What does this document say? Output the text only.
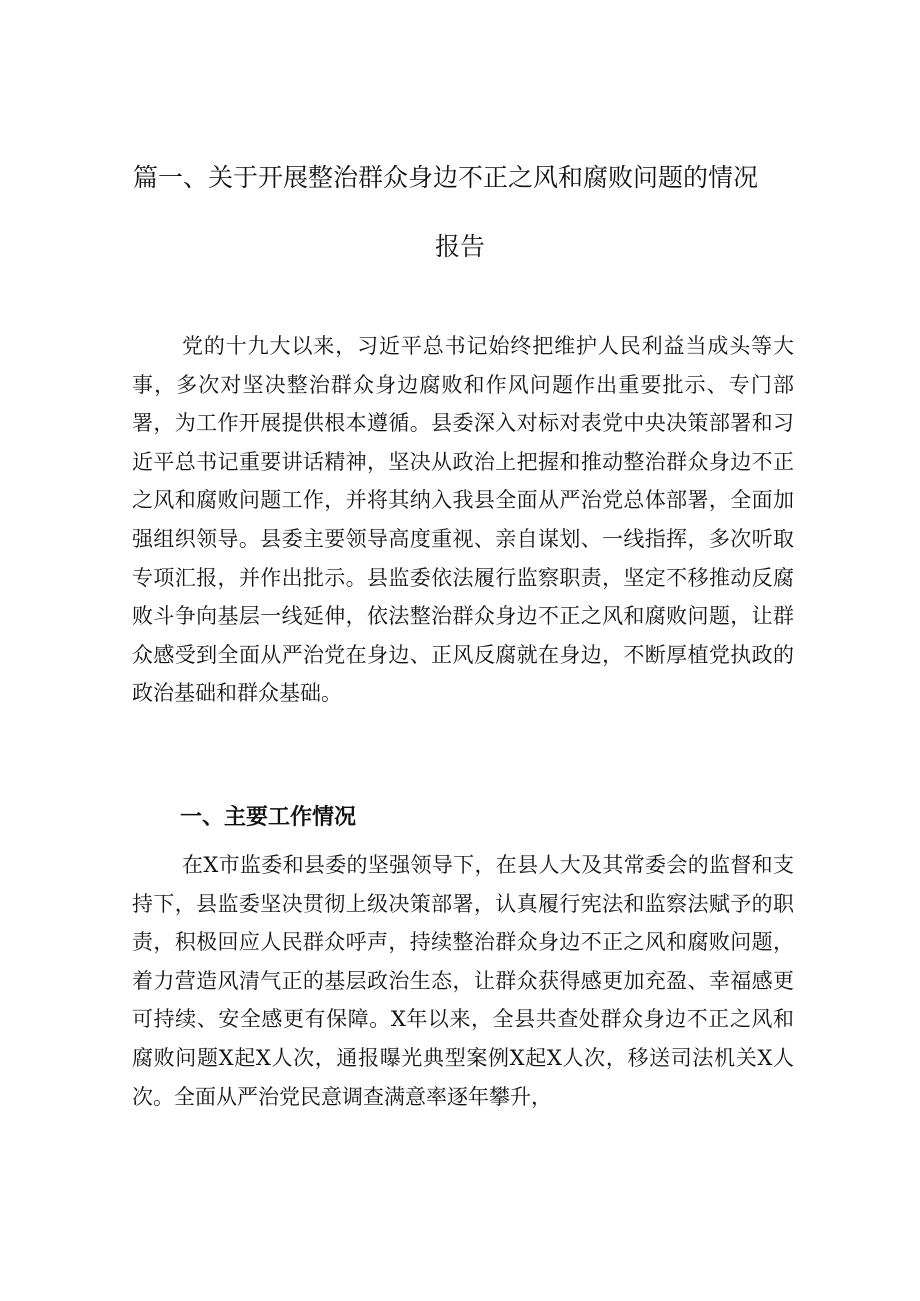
篇一、关于开展整治群众身边不正之风和腐败问题的情况
报告

党的十九大以来，习近平总书记始终把维护人民利益当成头等大事，多次对坚决整治群众身边腐败和作风问题作出重要批示、专门部署，为工作开展提供根本遵循。县委深入对标对表党中央决策部署和习近平总书记重要讲话精神，坚决从政治上把握和推动整治群众身边不正之风和腐败问题工作，并将其纳入我县全面从严治党总体部署，全面加强组织领导。县委主要领导高度重视、亲自谋划、一线指挥，多次听取专项汇报，并作出批示。县监委依法履行监察职责，坚定不移推动反腐败斗争向基层一线延伸，依法整治群众身边不正之风和腐败问题，让群众感受到全面从严治党在身边、正风反腐就在身边，不断厚植党执政的政治基础和群众基础。

一、主要工作情况

在X市监委和县委的坚强领导下，在县人大及其常委会的监督和支持下，县监委坚决贯彻上级决策部署，认真履行宪法和监察法赋予的职责，积极回应人民群众呼声，持续整治群众身边不正之风和腐败问题，着力营造风清气正的基层政治生态，让群众获得感更加充盈、幸福感更可持续、安全感更有保障。X年以来，全县共查处群众身边不正之风和腐败问题X起X人次，通报曝光典型案例X起X人次，移送司法机关X人次。全面从严治党民意调查满意率逐年攀升，
